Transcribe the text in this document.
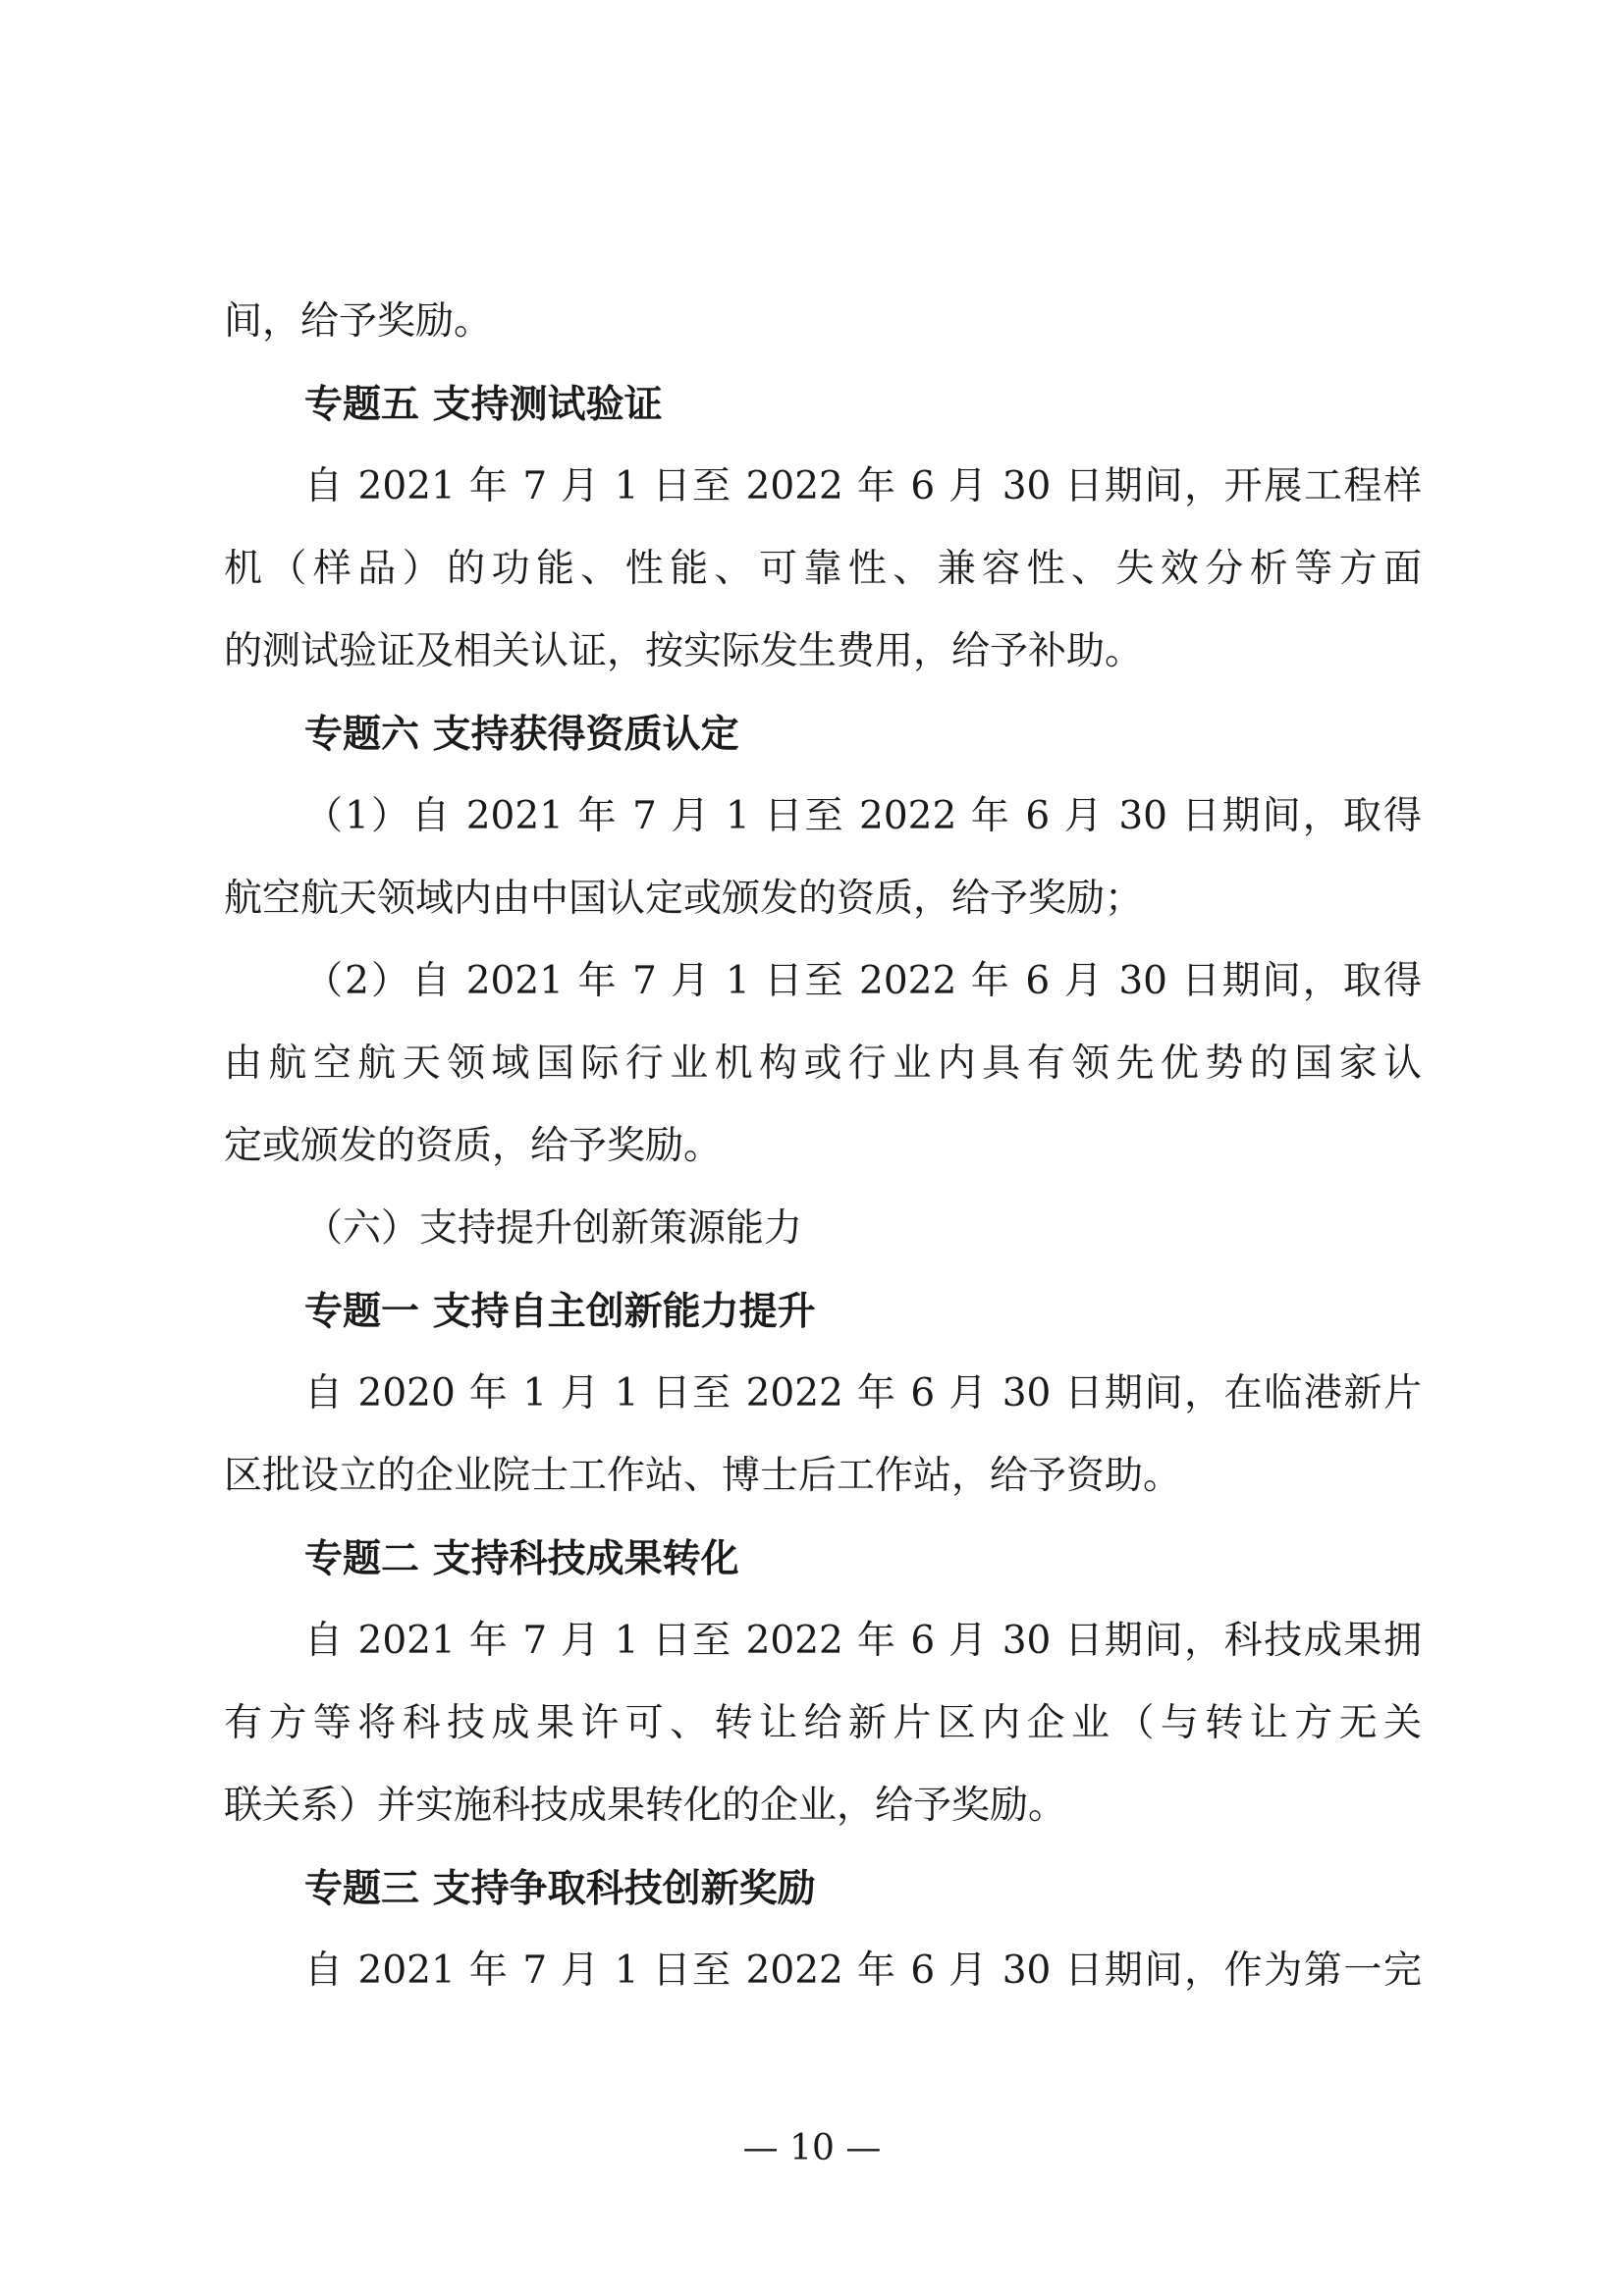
间，给予奖励。
专题五 支持测试验证
自 2021 年 7 月 1 日至 2022 年 6 月 30 日期间，开展工程样
机（样品）的功能、性能、可靠性、兼容性、失效分析等方面
的测试验证及相关认证，按实际发生费用，给予补助。
专题六 支持获得资质认定
（1）自 2021 年 7 月 1 日至 2022 年 6 月 30 日期间，取得
航空航天领域内由中国认定或颁发的资质，给予奖励；
（2）自 2021 年 7 月 1 日至 2022 年 6 月 30 日期间，取得
由航空航天领域国际行业机构或行业内具有领先优势的国家认
定或颁发的资质，给予奖励。
（六）支持提升创新策源能力
专题一 支持自主创新能力提升
自 2020 年 1 月 1 日至 2022 年 6 月 30 日期间，在临港新片
区批设立的企业院士工作站、博士后工作站，给予资助。
专题二 支持科技成果转化
自 2021 年 7 月 1 日至 2022 年 6 月 30 日期间，科技成果拥
有方等将科技成果许可、转让给新片区内企业（与转让方无关
联关系）并实施科技成果转化的企业，给予奖励。
专题三 支持争取科技创新奖励
自 2021 年 7 月 1 日至 2022 年 6 月 30 日期间，作为第一完
— 10 —
